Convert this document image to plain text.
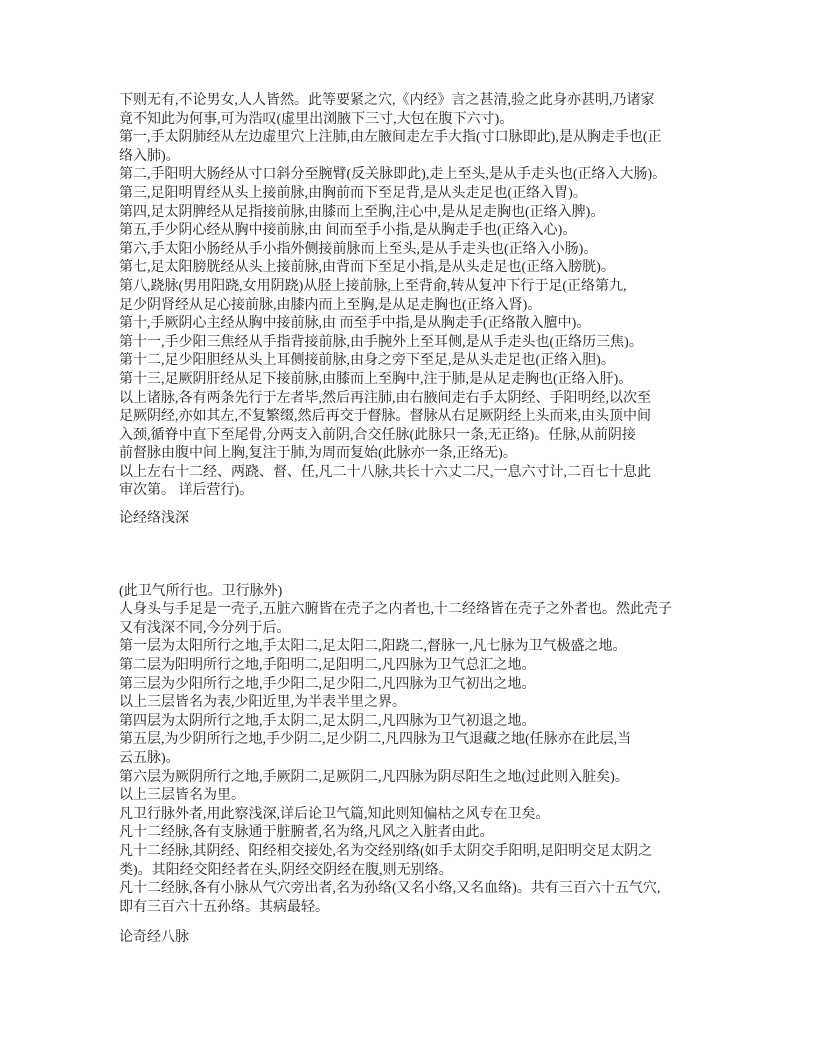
下则无有,不论男女,人人皆然。此等要紧之穴,《内经》言之甚清,验之此身亦甚明,乃诸家
竟不知此为何事,可为浩叹(虚里出浏腋下三寸,大包在腹下六寸)。
第一,手太阴肺经从左边虚里穴上注肺,由左腋间走左手大指(寸口脉即此),是从胸走手也(正
络入肺)。
第二,手阳明大肠经从寸口斜分至腕臂(反关脉即此),走上至头,是从手走头也(正络入大肠)。
第三,足阳明胃经从头上接前脉,由胸前而下至足背,是从头走足也(正络入胃)。
第四,足太阴脾经从足指接前脉,由膝而上至胸,注心中,是从足走胸也(正络入脾)。
第五,手少阴心经从胸中接前脉,由 间而至手小指,是从胸走手也(正络入心)。
第六,手太阳小肠经从手小指外侧接前脉而上至头,是从手走头也(正络入小肠)。
第七,足太阳膀胱经从头上接前脉,由背而下至足小指,是从头走足也(正络入膀胱)。
第八,跷脉(男用阳跷,女用阴跷)从胫上接前脉,上至背俞,转从复冲下行于足(正络第九,
足少阴肾经从足心接前脉,由膝内而上至胸,是从足走胸也(正络入肾)。
第十,手厥阴心主经从胸中接前脉,由 而至手中指,是从胸走手(正络散入膻中)。
第十一,手少阳三焦经从手指背接前脉,由手腕外上至耳侧,是从手走头也(正络历三焦)。
第十二,足少阳胆经从头上耳侧接前脉,由身之旁下至足,是从头走足也(正络入胆)。
第十三,足厥阴肝经从足下接前脉,由膝而上至胸中,注于肺,是从足走胸也(正络入肝)。
以上诸脉,各有两条先行于左者毕,然后再注肺,由右腋间走右手太阴经、手阳明经,以次至
足厥阴经,亦如其左,不复繁缀,然后再交于督脉。督脉从右足厥阴经上头而来,由头顶中间
入颈,循脊中直下至尾骨,分两支入前阴,合交任脉(此脉只一条,无正络)。任脉,从前阴接
前督脉由腹中间上胸,复注于肺,为周而复始(此脉亦一条,正络无)。
以上左右十二经、两跷、督、任,凡二十八脉,共长十六丈二尺,一息六寸计,二百七十息此
审次第。 详后营行)。
论经络浅深
(此卫气所行也。卫行脉外)
人身头与手足是一壳子,五脏六腑皆在壳子之内者也,十二经络皆在壳子之外者也。然此壳子
又有浅深不同,今分列于后。
第一层为太阳所行之地,手太阳二,足太阳二,阳跷二,督脉一,凡七脉为卫气极盛之地。
第二层为阳明所行之地,手阳明二,足阳明二,凡四脉为卫气总汇之地。
第三层为少阳所行之地,手少阳二,足少阳二,凡四脉为卫气初出之地。
以上三层皆名为表,少阳近里,为半表半里之界。
第四层为太阴所行之地,手太阴二,足太阴二,凡四脉为卫气初退之地。
第五层,为少阴所行之地,手少阴二,足少阴二,凡四脉为卫气退藏之地(任脉亦在此层,当
云五脉)。
第六层为厥阴所行之地,手厥阴二,足厥阴二,凡四脉为阴尽阳生之地(过此则入脏矣)。
以上三层皆名为里。
凡卫行脉外者,用此察浅深,详后论卫气篇,知此则知偏枯之风专在卫矣。
凡十二经脉,各有支脉通于脏腑者,名为络,凡风之入脏者由此。
凡十二经脉,其阴经、阳经相交接处,名为交经别络(如手太阴交手阳明,足阳明交足太阴之
类)。其阳经交阳经者在头,阴经交阴经在腹,则无别络。
凡十二经脉,各有小脉从气穴旁出者,名为孙络(又名小络,又名血络)。共有三百六十五气穴,
即有三百六十五孙络。其病最轻。
论奇经八脉
